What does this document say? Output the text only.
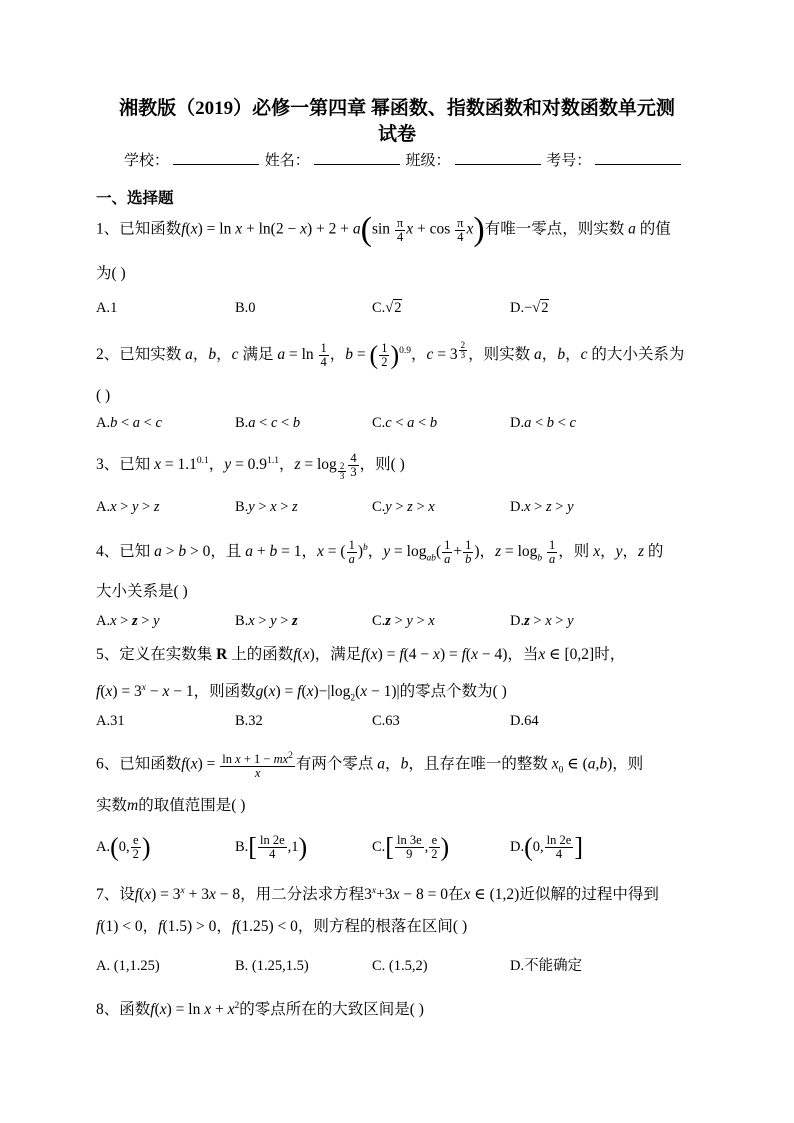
湘教版（2019）必修一第四章 幂函数、指数函数和对数函数单元测
试卷
学校：	姓名：	班级：	考号：
一、选择题
1、已知函数$f(x) = \ln x + \ln(2 - x) + 2 + a(\sin \frac{\pi}{4}$ $x + \cos \frac{\pi}{4} x$)有唯一零点，则实数 a 的值
为( )
A.1	B.0	C.√2	D.−√2
2、已知实数 a，b，c 满足 $a = \ln \frac{1}{4}$ ，b = ( $\frac{1}{2} )^{0.9}$，c = 3 $^{\frac{2}{3}}$ ，则实数 a，b，c 的大小关系为
( )
A.b < a < c	B.a < c < b	C.c < a < b	D.a < b < c
3、已知 $x = 1.1^{0.1}$，$y = 0.9^{1.1}$，$z = \log _{\frac{2}{3}} \frac{4}{3}$ ，则( )
A.x > y > z	B.y > x > z	C.y > z > x	D.x > z > y
4、已知 a > b > 0，且 a + b = 1，x = ( $\frac{1}{a} )^b$，$y = \log_{ab}( \frac{1}{a} + \frac{1}{b}$ )，$z = \log_b \frac{1}{a}$ ，则 x，y，z 的
大小关系是( )
A.x > z > y	B.x > y > z	C.z > y > x	D.z > x > y
5、定义在实数集 R 上的函数f(x)，满足f(x) = f(4 − x) = f(x − 4)，当x ∈ [0,2]时，
$f(x) = 3^x - x - 1$，则函数$g(x) = f(x)-|\log_2(x - 1)|$的零点个数为( )
A.31	B.32	C.63	D.64
6、已知函数$f(x) = \frac{\ln x + 1 - mx^2}{x}$ 有两个零点 a，b，且存在唯一的整数 $x_0$ ∈ (a,b)，则
实数m的取值范围是( )
A.(0, $\frac{e}{2}$ )	$B.[ \frac{\ln 2e}{4} ,1)$	$C.[ \frac{\ln 3e}{9}$ , $\frac{e}{2}$ )	D.(0, $\frac{\ln 2e}{4}$ ]
7、设$f(x) = 3^x + 3x - 8$，用二分法求方程$3^x+3x - 8 = 0$在x ∈ (1,2)近似解的过程中得到
f(1) < 0，f(1.5) > 0，f(1.25) < 0，则方程的根落在区间( )
A. (1,1.25)	B. (1.25,1.5)	C. (1.5,2)	D.不能确定
8、函数$f(x) = \ln x + x^2$的零点所在的大致区间是( )
